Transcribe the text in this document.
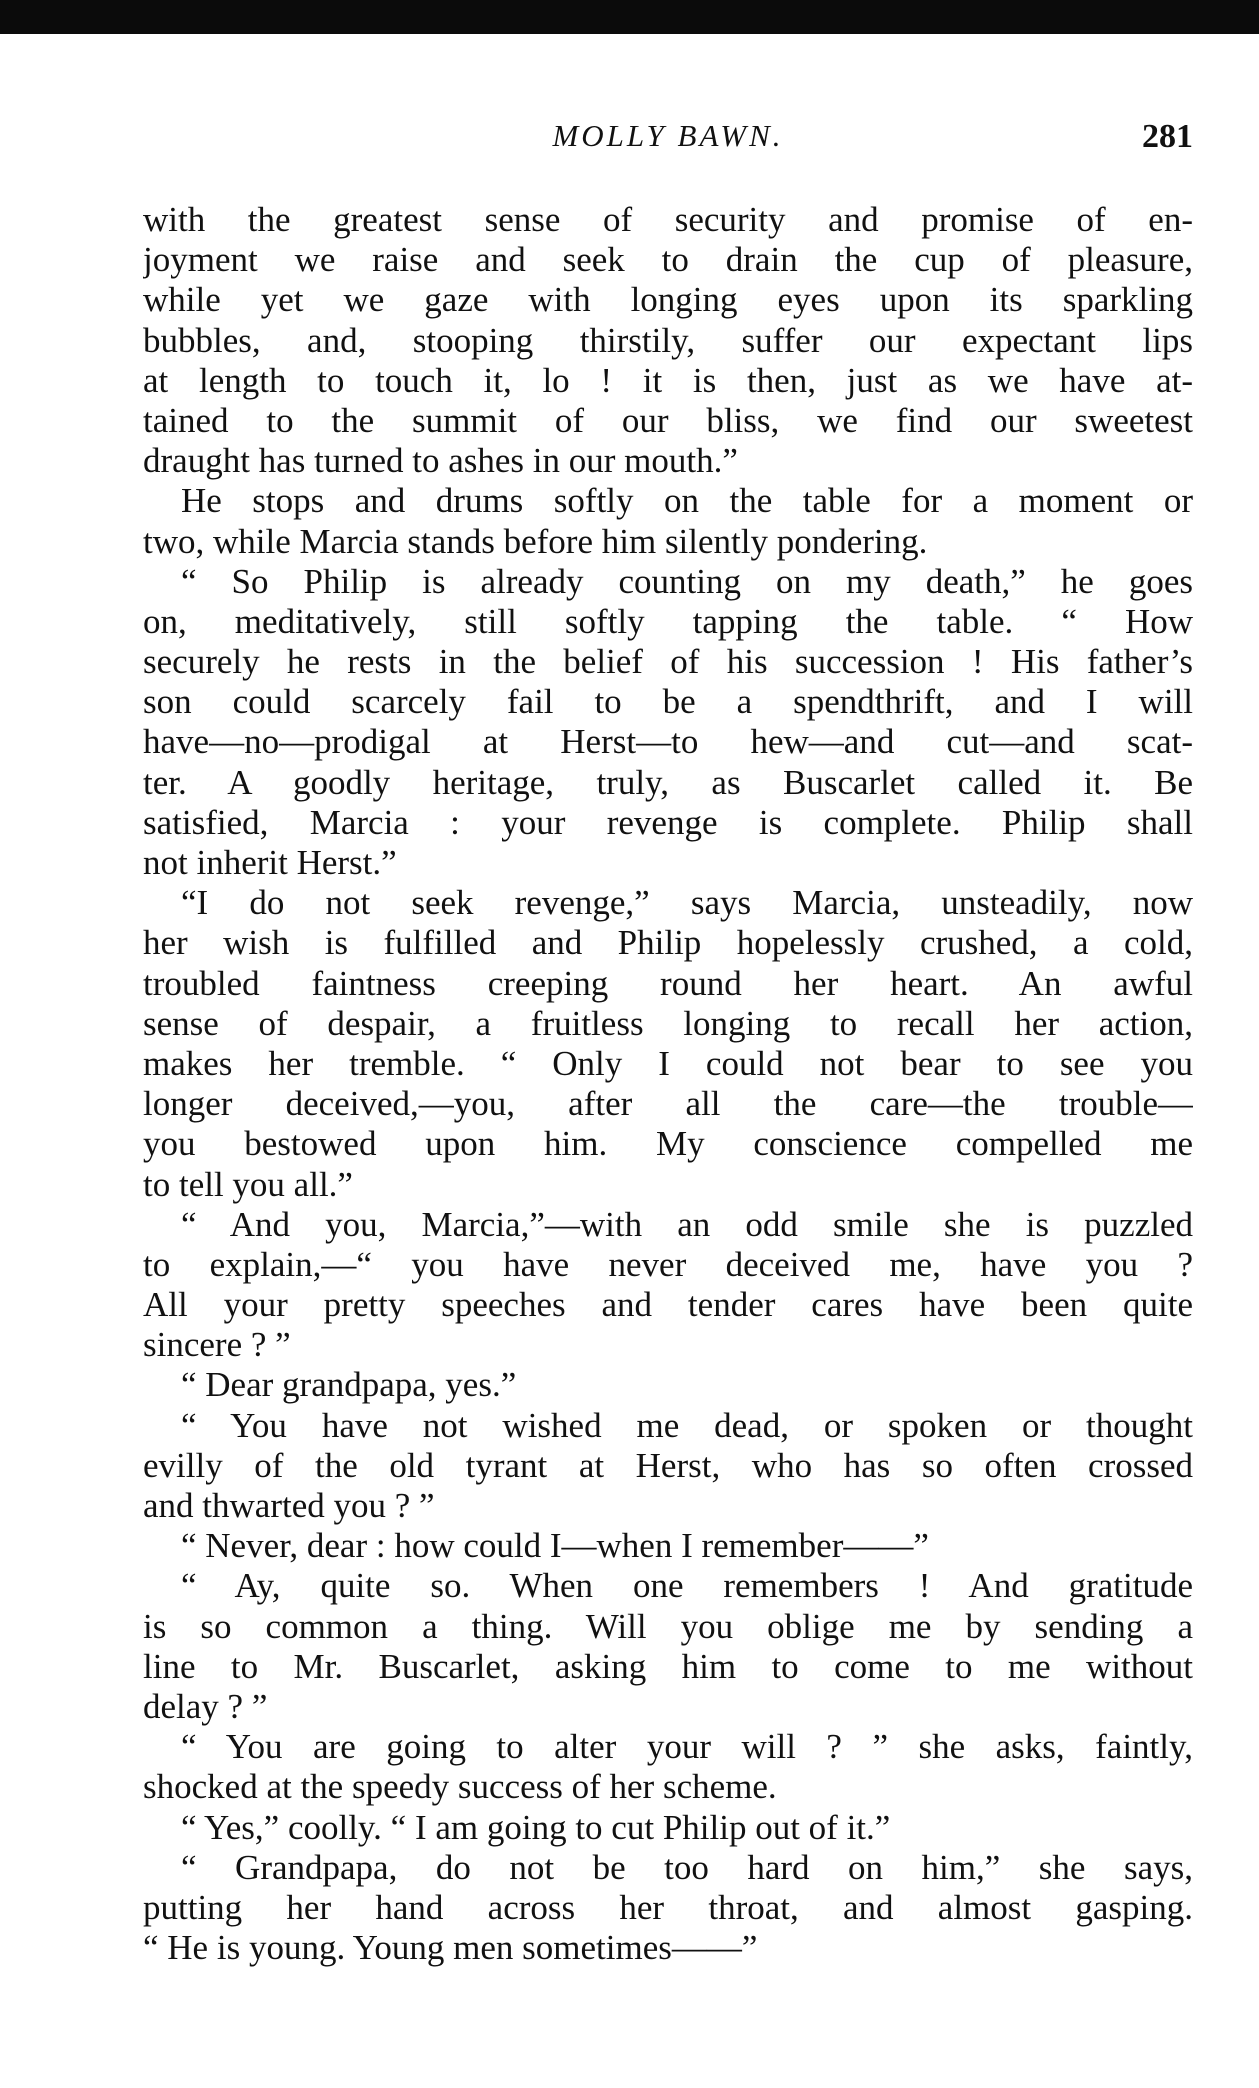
MOLLY BAWN.	281
with the greatest sense of security and promise of en-
joyment we raise and seek to drain the cup of pleasure,
while yet we gaze with longing eyes upon its sparkling
bubbles, and, stooping thirstily, suffer our expectant lips
at length to touch it, lo ! it is then, just as we have at-
tained to the summit of our bliss, we find our sweetest
draught has turned to ashes in our mouth.”
He stops and drums softly on the table for a moment or
two, while Marcia stands before him silently pondering.
“ So Philip is already counting on my death,” he goes
on, meditatively, still softly tapping the table. “ How
securely he rests in the belief of his succession ! His father’s
son could scarcely fail to be a spendthrift, and I will
have—no—prodigal at Herst—to hew—and cut—and scat-
ter. A goodly heritage, truly, as Buscarlet called it. Be
satisfied, Marcia : your revenge is complete. Philip shall
not inherit Herst.”
“I do not seek revenge,” says Marcia, unsteadily, now
her wish is fulfilled and Philip hopelessly crushed, a cold,
troubled faintness creeping round her heart. An awful
sense of despair, a fruitless longing to recall her action,
makes her tremble. “ Only I could not bear to see you
longer deceived,—you, after all the care—the trouble—
you bestowed upon him. My conscience compelled me
to tell you all.”
“ And you, Marcia,”—with an odd smile she is puzzled
to explain,—“ you have never deceived me, have you ?
All your pretty speeches and tender cares have been quite
sincere ? ”
“ Dear grandpapa, yes.”
“ You have not wished me dead, or spoken or thought
evilly of the old tyrant at Herst, who has so often crossed
and thwarted you ? ”
“ Never, dear : how could I—when I remember——”
“ Ay, quite so. When one remembers ! And gratitude
is so common a thing. Will you oblige me by sending a
line to Mr. Buscarlet, asking him to come to me without
delay ? ”
“ You are going to alter your will ? ” she asks, faintly,
shocked at the speedy success of her scheme.
“ Yes,” coolly. “ I am going to cut Philip out of it.”
“ Grandpapa, do not be too hard on him,” she says,
putting her hand across her throat, and almost gasping.
“ He is young. Young men sometimes——”
